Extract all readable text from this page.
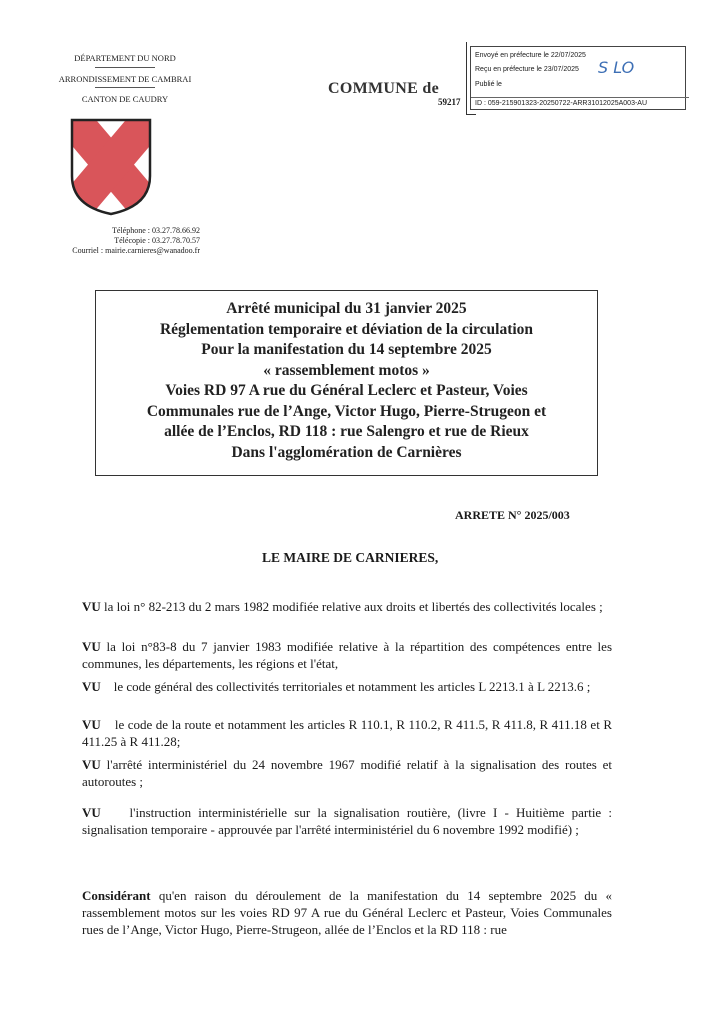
DÉPARTEMENT DU NORD
ARRONDISSEMENT DE CAMBRAI
CANTON DE CAUDRY
Téléphone : 03.27.78.66.92
Télécopie : 03.27.78.70.57
Courriel : mairie.carnieres@wanadoo.fr
COMMUNE de
59217
Envoyé en préfecture le 22/07/2025
Reçu en préfecture le 23/07/2025
Publié le
ID : 059-215901323-20250722-ARR31012025A003-AU
S LO
Arrêté municipal du 31 janvier 2025
Réglementation temporaire et déviation de la circulation
Pour la manifestation du 14 septembre 2025
« rassemblement motos »
Voies RD 97 A rue du Général Leclerc et Pasteur, Voies
Communales rue de l’Ange, Victor Hugo, Pierre-Strugeon et
allée de l’Enclos, RD 118 : rue Salengro et rue de Rieux
Dans l'agglomération de Carnières
ARRETE N° 2025/003
LE MAIRE DE CARNIERES,
VU la loi n° 82-213 du 2 mars 1982 modifiée relative aux droits et libertés des collectivités locales ;
VU la loi n°83-8 du 7 janvier 1983 modifiée relative à la répartition des compétences entre les communes, les départements, les régions et l'état,
VU le code général des collectivités territoriales et notamment les articles L 2213.1 à L 2213.6 ;
VU le code de la route et notamment les articles R 110.1, R 110.2, R 411.5, R 411.8, R 411.18 et R 411.25 à R 411.28;
VU l'arrêté interministériel du 24 novembre 1967 modifié relatif à la signalisation des routes et autoroutes ;
VU l'instruction interministérielle sur la signalisation routière, (livre I - Huitième partie : signalisation temporaire - approuvée par l'arrêté interministériel du 6 novembre 1992 modifié) ;
Considérant qu'en raison du déroulement de la manifestation du 14 septembre 2025 du « rassemblement motos sur les voies RD 97 A rue du Général Leclerc et Pasteur, Voies Communales rues de l’Ange, Victor Hugo, Pierre-Strugeon, allée de l’Enclos et la RD 118 : rue
